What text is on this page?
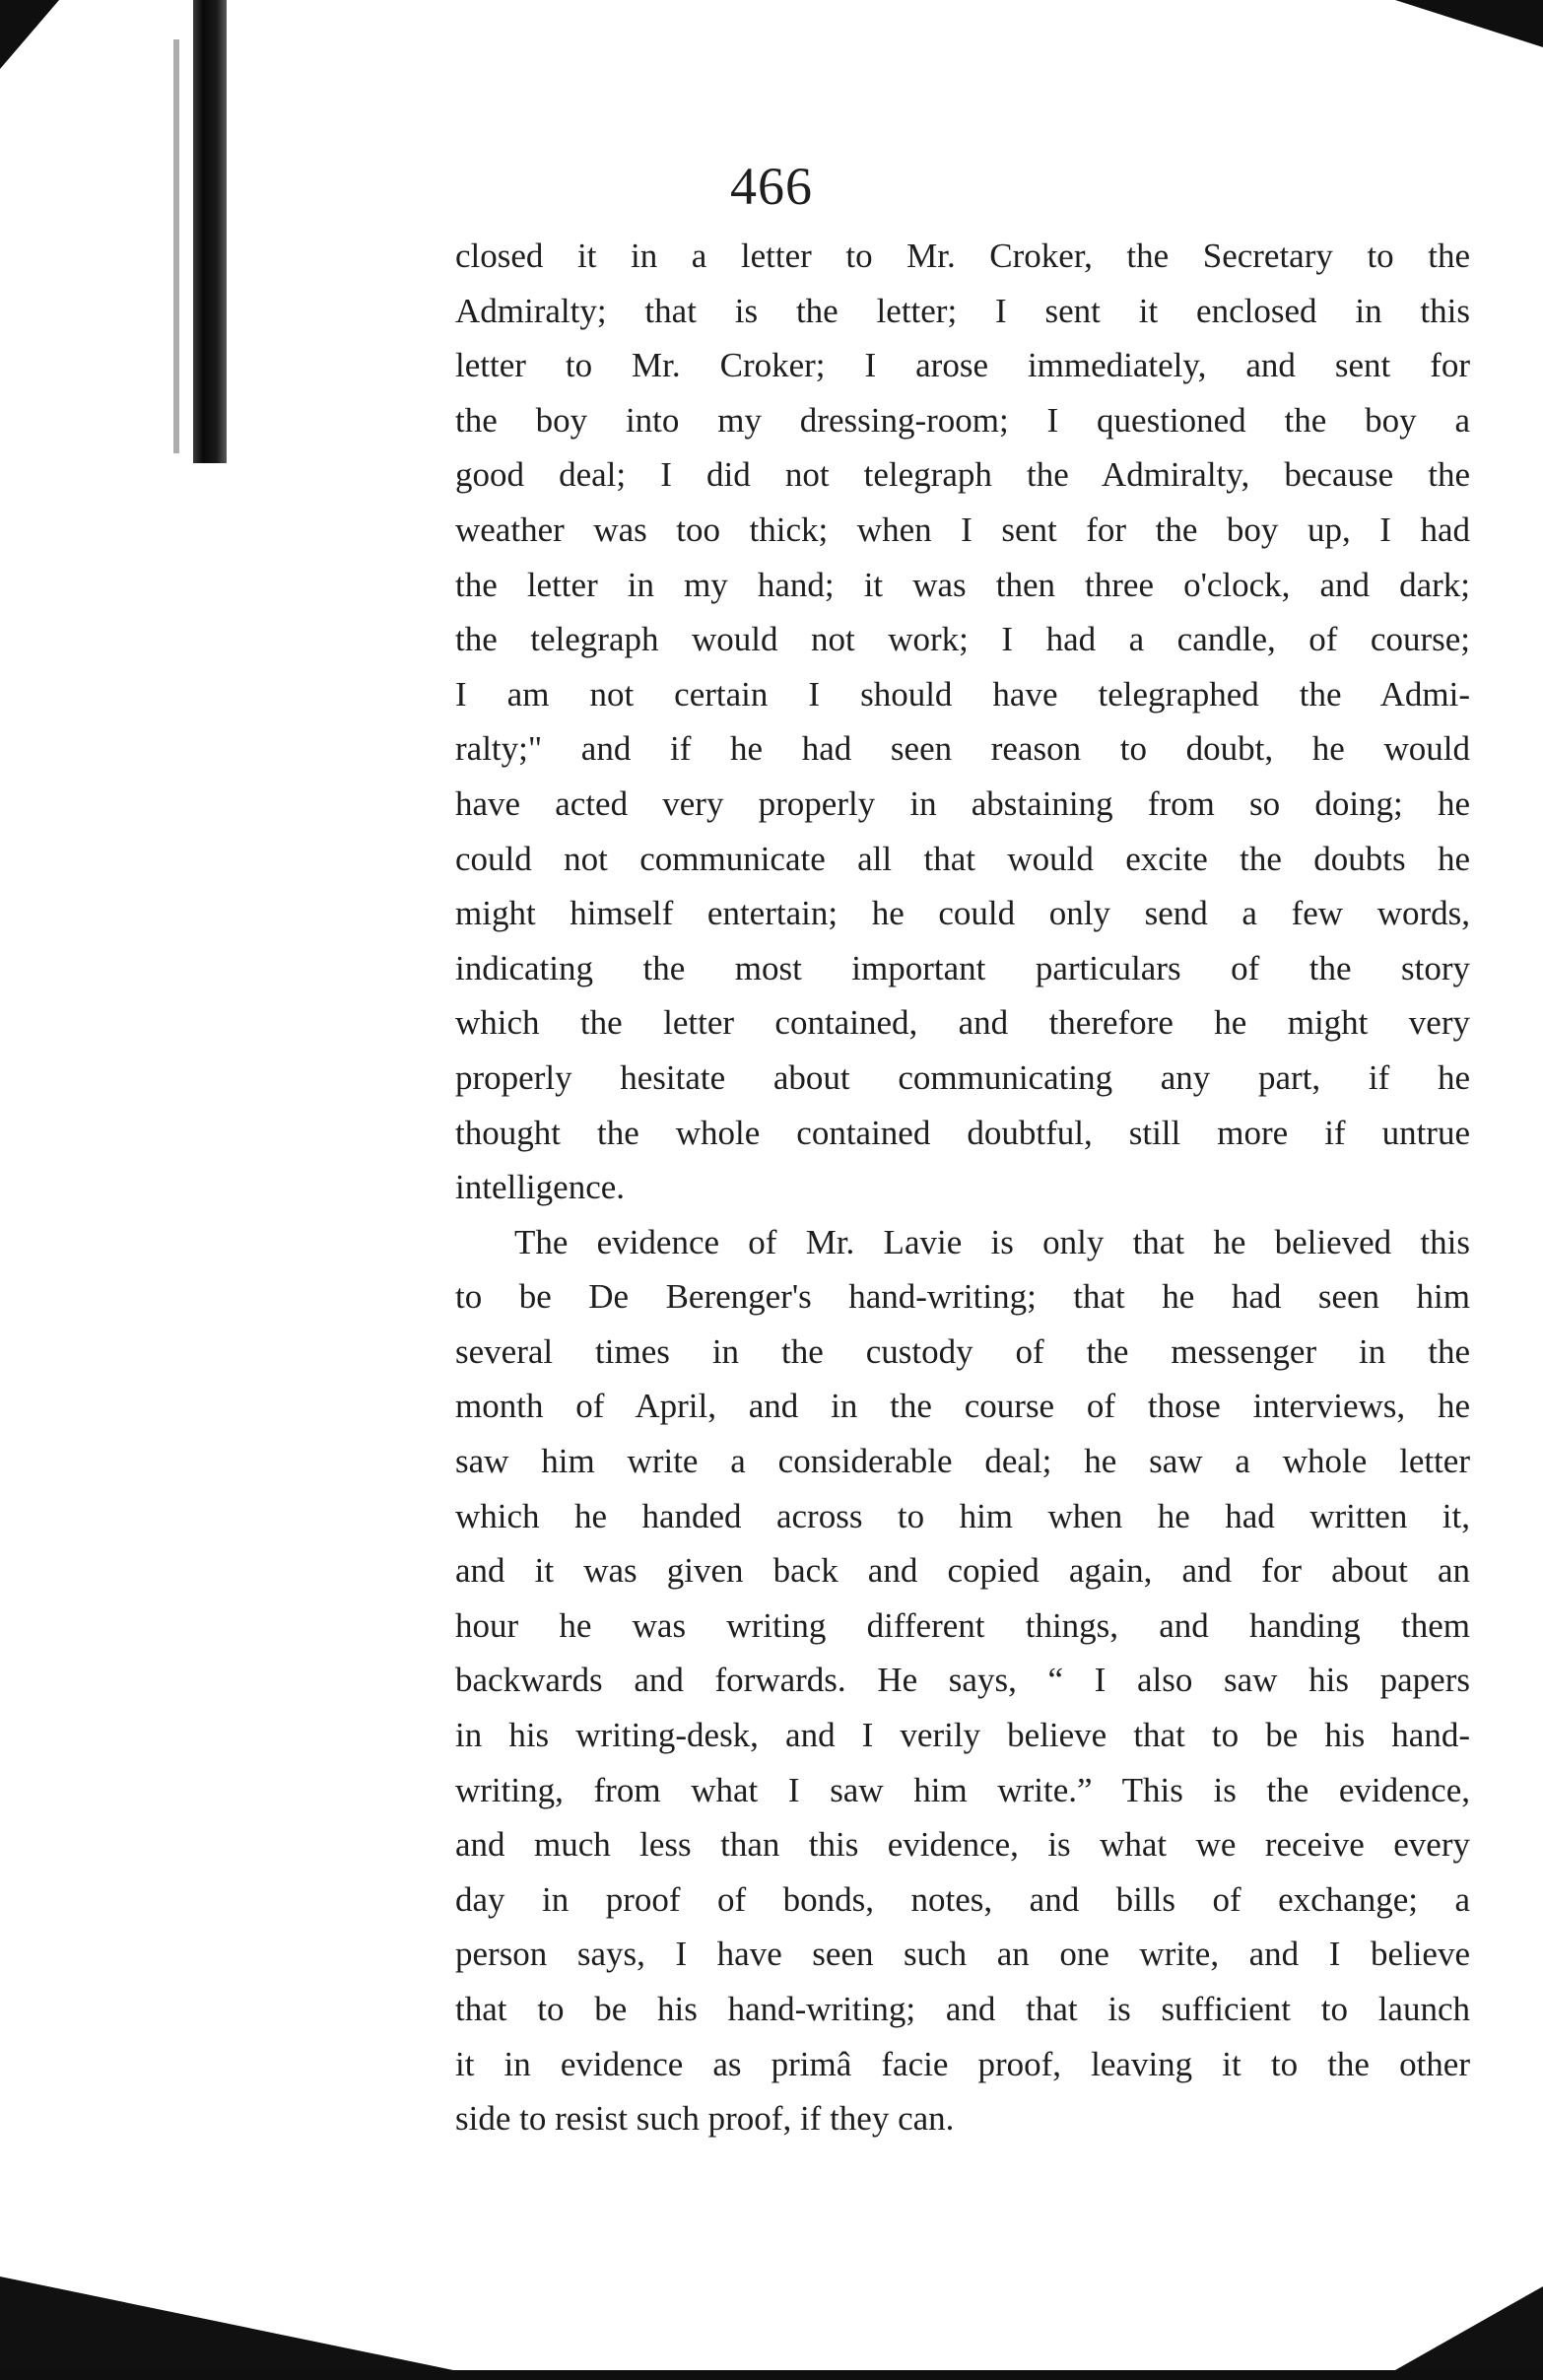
466
closed it in a letter to Mr. Croker, the Secretary to the
Admiralty; that is the letter; I sent it enclosed in this
letter to Mr. Croker; I arose immediately, and sent for
the boy into my dressing-room; I questioned the boy a
good deal; I did not telegraph the Admiralty, because the
weather was too thick; when I sent for the boy up, I had
the letter in my hand; it was then three o'clock, and dark;
the telegraph would not work; I had a candle, of course;
I am not certain I should have telegraphed the Admi-
ralty;" and if he had seen reason to doubt, he would
have acted very properly in abstaining from so doing; he
could not communicate all that would excite the doubts he
might himself entertain; he could only send a few words,
indicating the most important particulars of the story
which the letter contained, and therefore he might very
properly hesitate about communicating any part, if he
thought the whole contained doubtful, still more if untrue
intelligence.
The evidence of Mr. Lavie is only that he believed this
to be De Berenger's hand-writing; that he had seen him
several times in the custody of the messenger in the
month of April, and in the course of those interviews, he
saw him write a considerable deal; he saw a whole letter
which he handed across to him when he had written it,
and it was given back and copied again, and for about an
hour he was writing different things, and handing them
backwards and forwards. He says, “ I also saw his papers
in his writing-desk, and I verily believe that to be his hand-
writing, from what I saw him write.” This is the evidence,
and much less than this evidence, is what we receive every
day in proof of bonds, notes, and bills of exchange; a
person says, I have seen such an one write, and I believe
that to be his hand-writing; and that is sufficient to launch
it in evidence as primâ facie proof, leaving it to the other
side to resist such proof, if they can.
